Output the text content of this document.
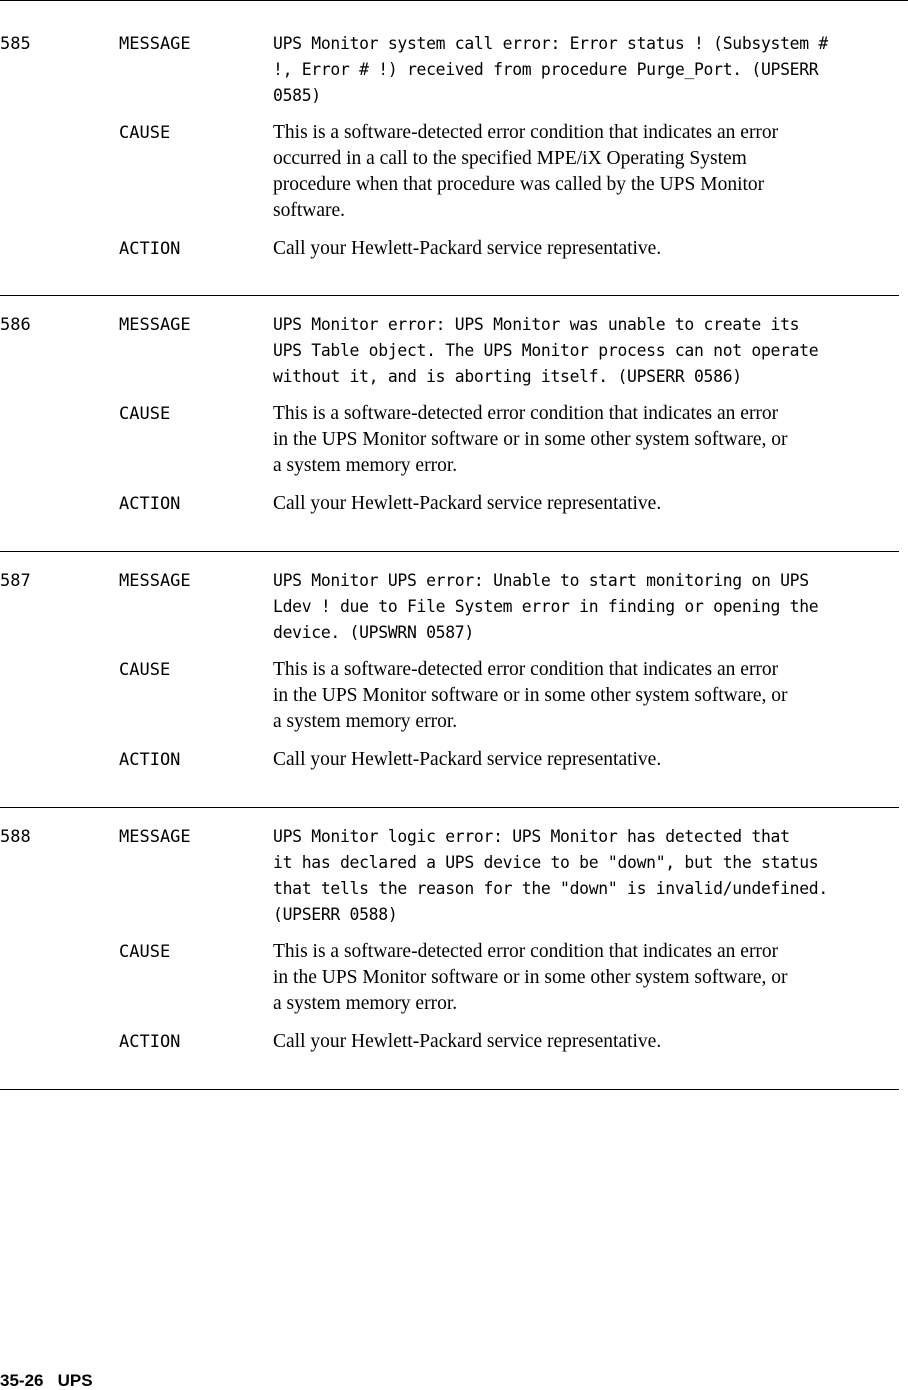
585	MESSAGE	UPS Monitor system call error: Error status ! (Subsystem #
!, Error # !) received from procedure Purge_Port. (UPSERR
0585)
CAUSE	This is a software-detected error condition that indicates an error
occurred in a call to the specified MPE/iX Operating System
procedure when that procedure was called by the UPS Monitor
software.
ACTION	Call your Hewlett-Packard service representative.
586	MESSAGE	UPS Monitor error: UPS Monitor was unable to create its
UPS Table object. The UPS Monitor process can not operate
without it, and is aborting itself. (UPSERR 0586)
CAUSE	This is a software-detected error condition that indicates an error
in the UPS Monitor software or in some other system software, or
a system memory error.
ACTION	Call your Hewlett-Packard service representative.
587	MESSAGE	UPS Monitor UPS error: Unable to start monitoring on UPS
Ldev ! due to File System error in finding or opening the
device. (UPSWRN 0587)
CAUSE	This is a software-detected error condition that indicates an error
in the UPS Monitor software or in some other system software, or
a system memory error.
ACTION	Call your Hewlett-Packard service representative.
588	MESSAGE	UPS Monitor logic error: UPS Monitor has detected that
it has declared a UPS device to be "down", but the status
that tells the reason for the "down" is invalid/undefined.
(UPSERR 0588)
CAUSE	This is a software-detected error condition that indicates an error
in the UPS Monitor software or in some other system software, or
a system memory error.
ACTION	Call your Hewlett-Packard service representative.
35-26 UPS
